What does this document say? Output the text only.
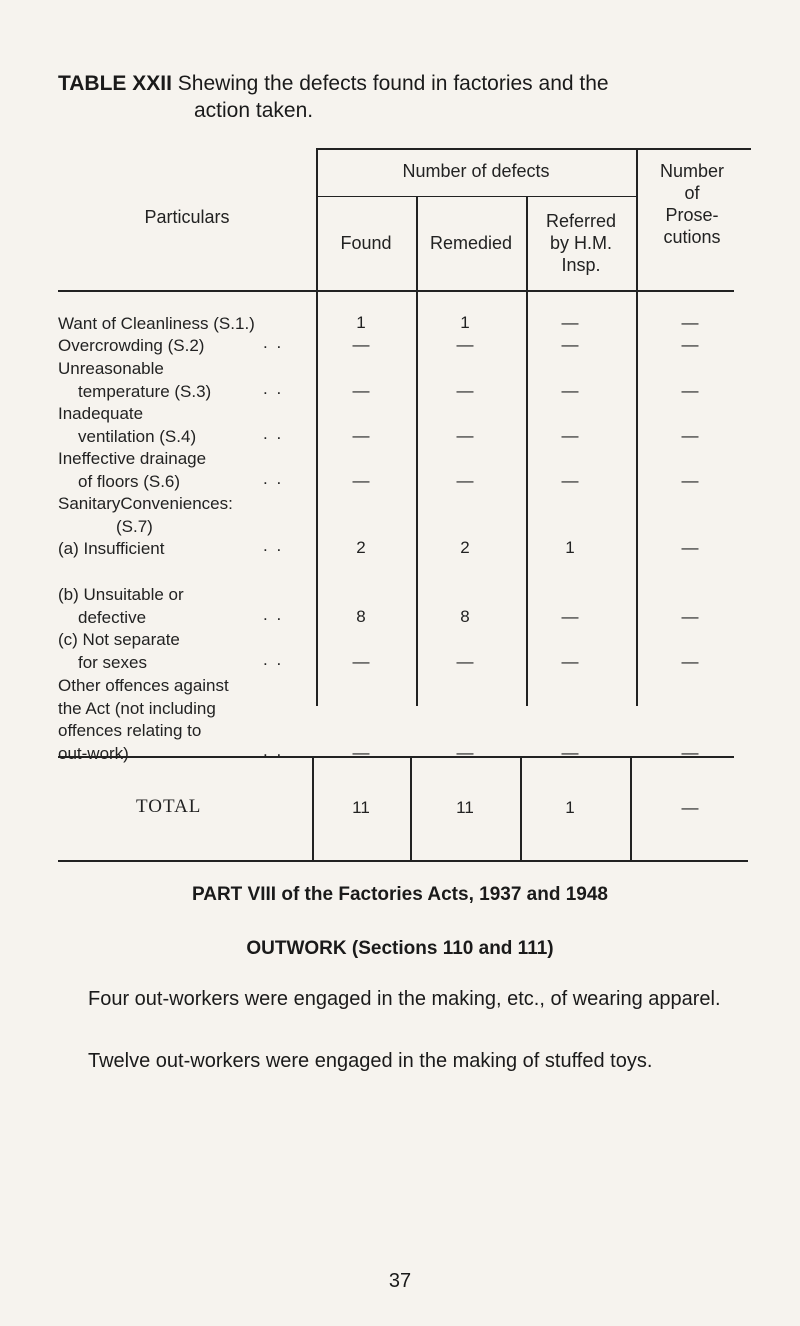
TABLE XXII Shewing the defects found in factories and the
action taken.
Particulars
Number of defects
Found	Remedied
Referred
by H.M.
Insp.
Number
of
Prose-
cutions
Want of Cleanliness (S.1.)	1	1	—	—
Overcrowding (S.2)	. .	—	—	—	—
Unreasonable
temperature (S.3)	. .	—	—	—	—
Inadequate
ventilation (S.4)	. .	—	—	—	—
Ineffective drainage
of floors (S.6)	. .	—	—	—	—
SanitaryConveniences:
(S.7)
(a) Insufficient	. .	2	2	1	—
(b) Unsuitable or
defective	. .	8	8	—	—
(c) Not separate
for sexes	. .	—	—	—	—
Other offences against
the Act (not including
offences relating to
out-work)	. .	—	—	—	—
TOTAL	11	11	1	—
PART VIII of the Factories Acts, 1937 and 1948
OUTWORK (Sections 110 and 111)
Four out-workers were engaged in the making, etc., of wearing apparel.
Twelve out-workers were engaged in the making of stuffed toys.
37
